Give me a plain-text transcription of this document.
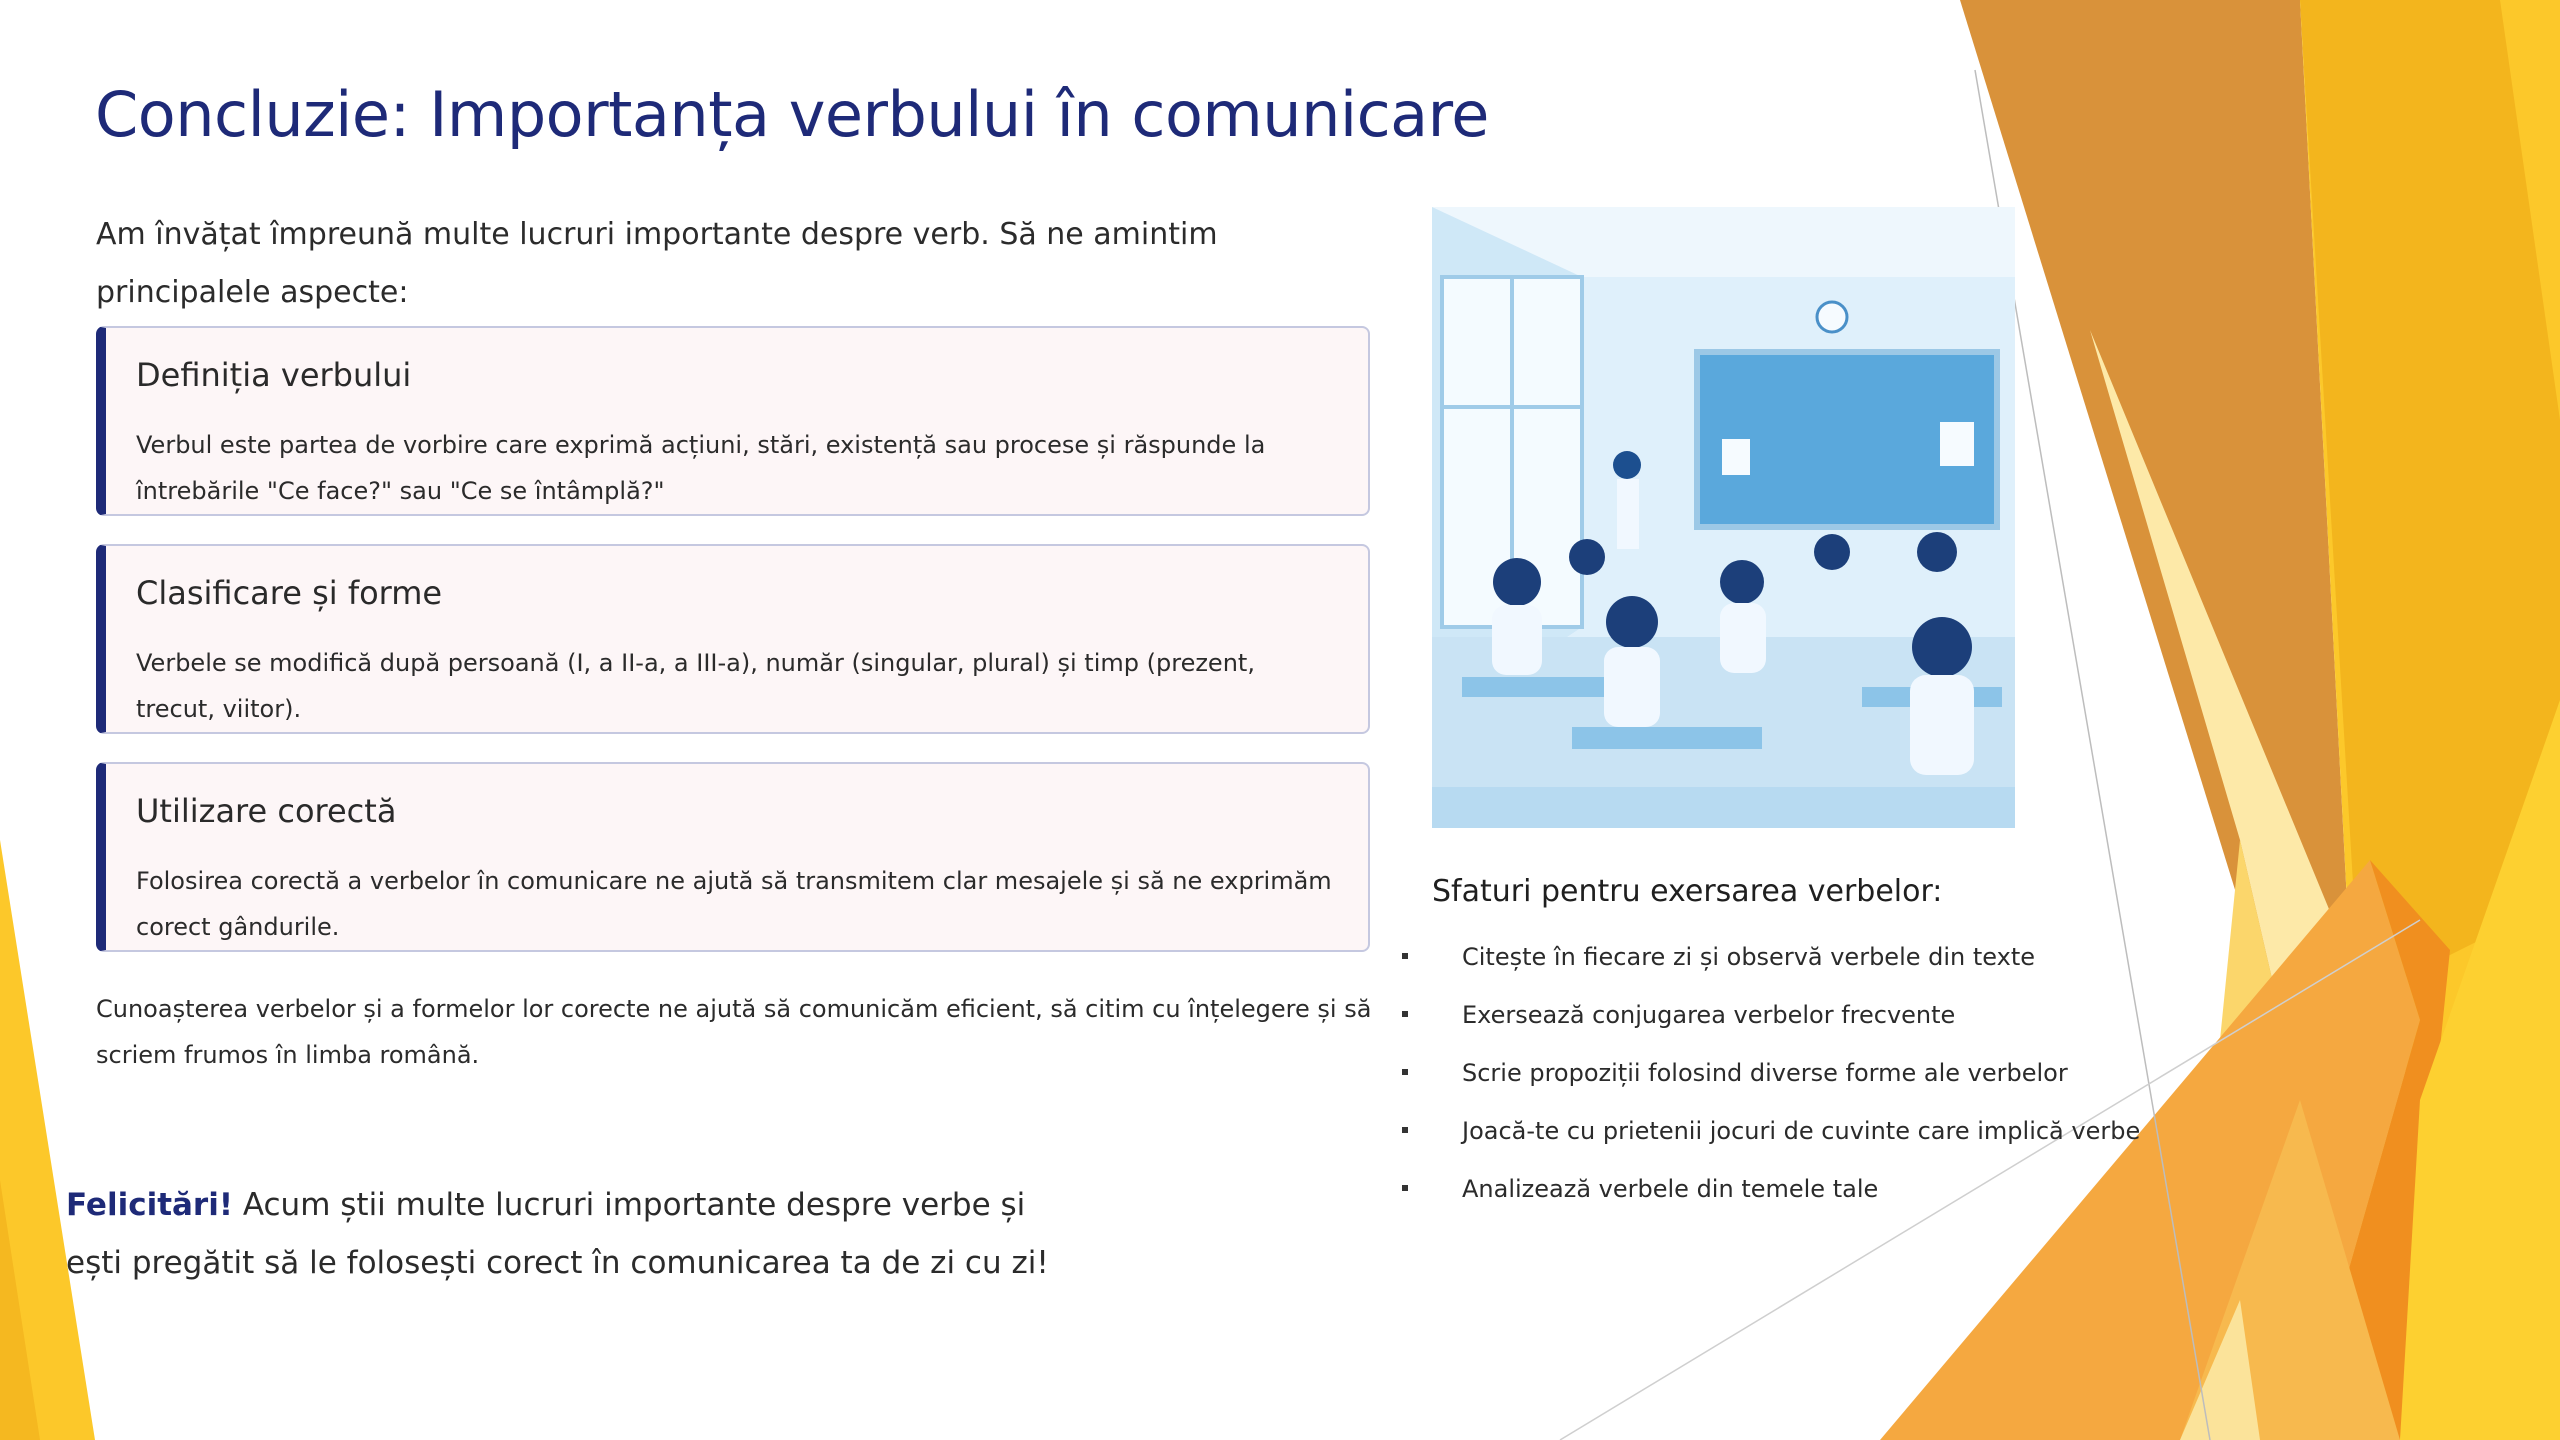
Concluzie: Importanța verbului în comunicare
Am învățat împreună multe lucruri importante despre verb. Să ne amintim principalele aspecte:
Definiția verbului
Verbul este partea de vorbire care exprimă acțiuni, stări, existență sau procese și răspunde la întrebările "Ce face?" sau "Ce se întâmplă?"
Clasificare și forme
Verbele se modifică după persoană (I, a II-a, a III-a), număr (singular, plural) și timp (prezent, trecut, viitor).
Utilizare corectă
Folosirea corectă a verbelor în comunicare ne ajută să transmitem clar mesajele și să ne exprimăm corect gândurile.
Cunoașterea verbelor și a formelor lor corecte ne ajută să comunicăm eficient, să citim cu înțelegere și să scriem frumos în limba română.
Felicitări! Acum știi multe lucruri importante despre verbe și ești pregătit să le folosești corect în comunicarea ta de zi cu zi!
Sfaturi pentru exersarea verbelor:
Citește în fiecare zi și observă verbele din texte
Exersează conjugarea verbelor frecvente
Scrie propoziții folosind diverse forme ale verbelor
Joacă-te cu prietenii jocuri de cuvinte care implică verbe
Analizează verbele din temele tale
